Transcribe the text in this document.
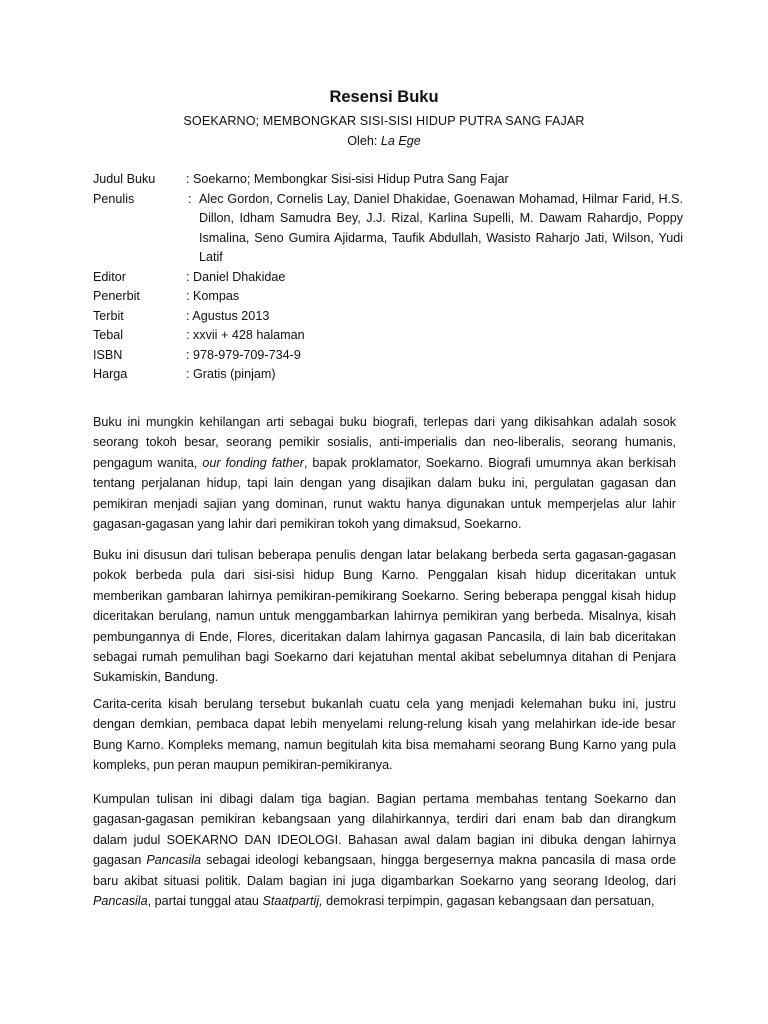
Resensi Buku
SOEKARNO; MEMBONGKAR SISI-SISI HIDUP PUTRA SANG FAJAR
Oleh: La Ege
Judul Buku	: Soekarno; Membongkar Sisi-sisi Hidup Putra Sang Fajar
Penulis	: Alec Gordon, Cornelis Lay, Daniel Dhakidae, Goenawan Mohamad, Hilmar Farid, H.S. Dillon, Idham Samudra Bey, J.J. Rizal, Karlina Supelli, M. Dawam Rahardjo, Poppy Ismalina, Seno Gumira Ajidarma, Taufik Abdullah, Wasisto Raharjo Jati, Wilson, Yudi Latif
Editor	: Daniel Dhakidae
Penerbit	: Kompas
Terbit	: Agustus 2013
Tebal	: xxvii + 428 halaman
ISBN	: 978-979-709-734-9
Harga	: Gratis (pinjam)
Buku ini mungkin kehilangan arti sebagai buku biografi, terlepas dari yang dikisahkan adalah sosok seorang tokoh besar, seorang pemikir sosialis, anti-imperialis dan neo-liberalis, seorang humanis, pengagum wanita, our fonding father, bapak proklamator, Soekarno. Biografi umumnya akan berkisah tentang perjalanan hidup, tapi lain dengan yang disajikan dalam buku ini, pergulatan gagasan dan pemikiran menjadi sajian yang dominan, runut waktu hanya digunakan untuk memperjelas alur lahir gagasan-gagasan yang lahir dari pemikiran tokoh yang dimaksud, Soekarno.
Buku ini disusun dari tulisan beberapa penulis dengan latar belakang berbeda serta gagasan-gagasan pokok berbeda pula dari sisi-sisi hidup Bung Karno. Penggalan kisah hidup diceritakan untuk memberikan gambaran lahirnya pemikiran-pemikirang Soekarno. Sering beberapa penggal kisah hidup diceritakan berulang, namun untuk menggambarkan lahirnya pemikiran yang berbeda. Misalnya, kisah pembungannya di Ende, Flores, diceritakan dalam lahirnya gagasan Pancasila, di lain bab diceritakan sebagai rumah pemulihan bagi Soekarno dari kejatuhan mental akibat sebelumnya ditahan di Penjara Sukamiskin, Bandung.
Carita-cerita kisah berulang tersebut bukanlah cuatu cela yang menjadi kelemahan buku ini, justru dengan demkian, pembaca dapat lebih menyelami relung-relung kisah yang melahirkan ide-ide besar Bung Karno. Kompleks memang, namun begitulah kita bisa memahami seorang Bung Karno yang pula kompleks, pun peran maupun pemikiran-pemikiranya.
Kumpulan tulisan ini dibagi dalam tiga bagian. Bagian pertama membahas tentang Soekarno dan gagasan-gagasan pemikiran kebangsaan yang dilahirkannya, terdiri dari enam bab dan dirangkum dalam judul SOEKARNO DAN IDEOLOGI. Bahasan awal dalam bagian ini dibuka dengan lahirnya gagasan Pancasila sebagai ideologi kebangsaan, hingga bergesernya makna pancasila di masa orde baru akibat situasi politik. Dalam bagian ini juga digambarkan Soekarno yang seorang Ideolog, dari Pancasila, partai tunggal atau Staatpartij, demokrasi terpimpin, gagasan kebangsaan dan persatuan,
